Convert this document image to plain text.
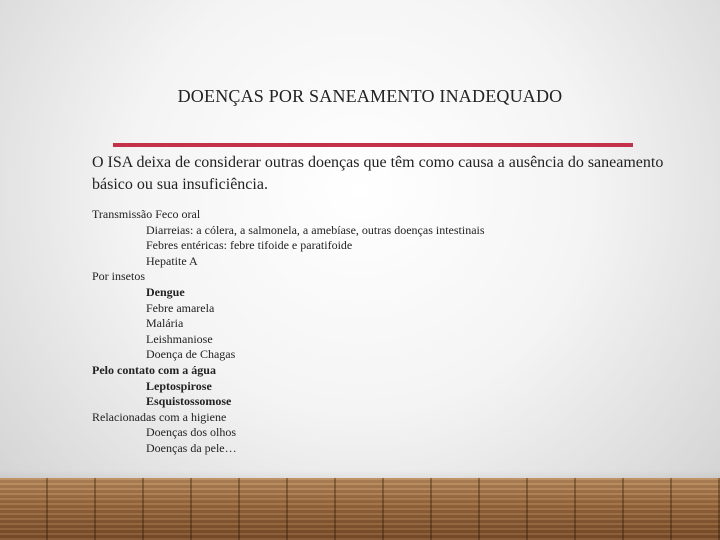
DOENÇAS POR SANEAMENTO INADEQUADO
O ISA deixa de considerar outras doenças que têm como causa a ausência do saneamento básico ou sua insuficiência.
Transmissão Feco oral
Diarreias: a cólera, a salmonela, a amebíase, outras doenças intestinais
Febres entéricas: febre tifoide e paratifoide
Hepatite A
Por insetos
Dengue
Febre amarela
Malária
Leishmaniose
Doença de Chagas
Pelo contato com a água
Leptospirose
Esquistossomose
Relacionadas com a higiene
Doenças dos olhos
Doenças da pele…
